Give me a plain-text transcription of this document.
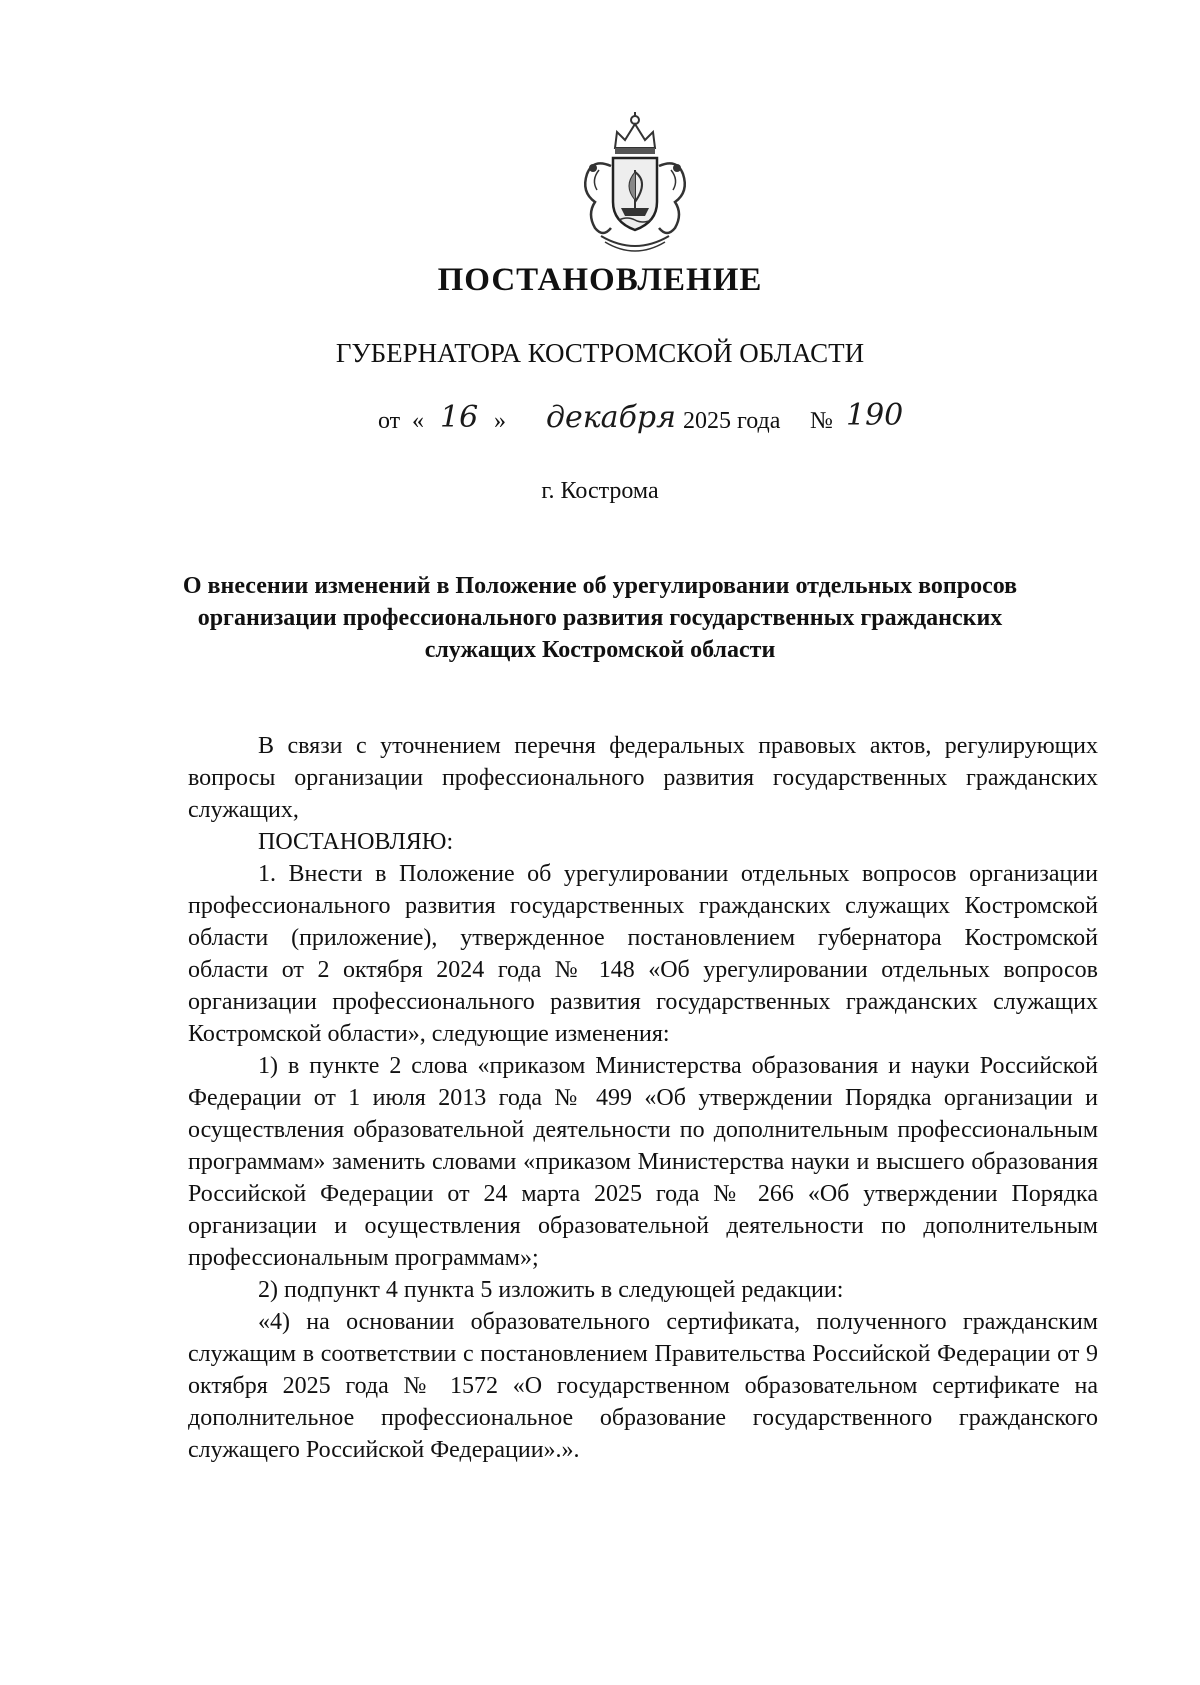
ПОСТАНОВЛЕНИЕ
ГУБЕРНАТОРА КОСТРОМСКОЙ ОБЛАСТИ
от « 16 » декабря 2025 года № 190
г. Кострома
О внесении изменений в Положение об урегулировании отдельных вопросов организации профессионального развития государственных гражданских служащих Костромской области

В связи с уточнением перечня федеральных правовых актов, регулирующих вопросы организации профессионального развития государственных гражданских служащих,

ПОСТАНОВЛЯЮ:

1. Внести в Положение об урегулировании отдельных вопросов организации профессионального развития государственных гражданских служащих Костромской области (приложение), утвержденное постановлением губернатора Костромской области от 2 октября 2024 года № 148 «Об урегулировании отдельных вопросов организации профессионального развития государственных гражданских служащих Костромской области», следующие изменения:

1) в пункте 2 слова «приказом Министерства образования и науки Российской Федерации от 1 июля 2013 года № 499 «Об утверждении Порядка организации и осуществления образовательной деятельности по дополнительным профессиональным программам» заменить словами «приказом Министерства науки и высшего образования Российской Федерации от 24 марта 2025 года № 266 «Об утверждении Порядка организации и осуществления образовательной деятельности по дополнительным профессиональным программам»;

2) подпункт 4 пункта 5 изложить в следующей редакции:

«4) на основании образовательного сертификата, полученного гражданским служащим в соответствии с постановлением Правительства Российской Федерации от 9 октября 2025 года № 1572 «О государственном образовательном сертификате на дополнительное профессиональное образование государственного гражданского служащего Российской Федерации».».
